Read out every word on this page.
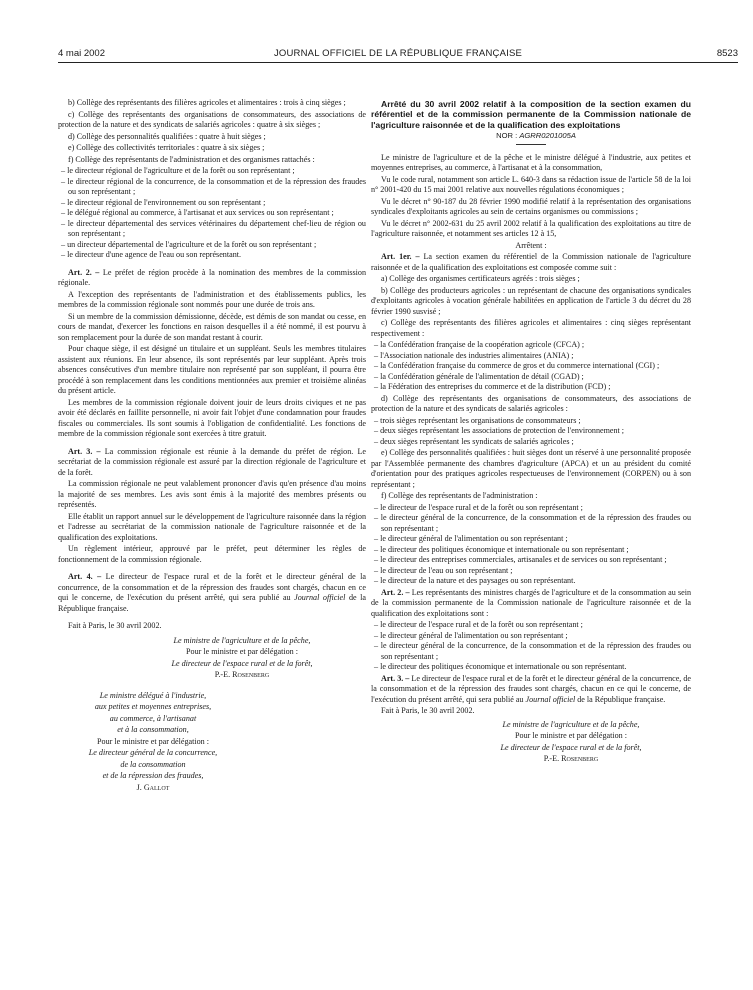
4 mai 2002	JOURNAL OFFICIEL DE LA RÉPUBLIQUE FRANÇAISE	8523

b) Collège des représentants des filières agricoles et alimentaires : trois à cinq sièges ;

c) Collège des représentants des organisations de consommateurs, des associations de protection de la nature et des syndicats de salariés agricoles : quatre à six sièges ;

d) Collège des personnalités qualifiées : quatre à huit sièges ;

e) Collège des collectivités territoriales : quatre à six sièges ;

f) Collège des représentants de l'administration et des organismes rattachés :

– le directeur régional de l'agriculture et de la forêt ou son représentant ;
– le directeur régional de la concurrence, de la consommation et de la répression des fraudes ou son représentant ;
– le directeur régional de l'environnement ou son représentant ;
– le délégué régional au commerce, à l'artisanat et aux services ou son représentant ;
– le directeur départemental des services vétérinaires du département chef-lieu de région ou son représentant ;
– un directeur départemental de l'agriculture et de la forêt ou son représentant ;
– le directeur d'une agence de l'eau ou son représentant.

Art. 2. – Le préfet de région procède à la nomination des membres de la commission régionale.

A l'exception des représentants de l'administration et des établissements publics, les membres de la commission régionale sont nommés pour une durée de trois ans.

Si un membre de la commission démissionne, décède, est démis de son mandat ou cesse, en cours de mandat, d'exercer les fonctions en raison desquelles il a été nommé, il est pourvu à son remplacement pour la durée de son mandat restant à courir.

Pour chaque siège, il est désigné un titulaire et un suppléant. Seuls les membres titulaires assistent aux réunions. En leur absence, ils sont représentés par leur suppléant. Après trois absences consécutives d'un membre titulaire non représenté par son suppléant, il pourra être procédé à son remplacement dans les conditions mentionnées aux premier et troisième alinéas du présent article.

Les membres de la commission régionale doivent jouir de leurs droits civiques et ne pas avoir été déclarés en faillite personnelle, ni avoir fait l'objet d'une condamnation pour fraudes fiscales ou commerciales. Ils sont soumis à l'obligation de confidentialité. Les fonctions de membre de la commission régionale sont exercées à titre gratuit.

Art. 3. – La commission régionale est réunie à la demande du préfet de région. Le secrétariat de la commission régionale est assuré par la direction régionale de l'agriculture et de la forêt.

La commission régionale ne peut valablement prononcer d'avis qu'en présence d'au moins la majorité de ses membres. Les avis sont émis à la majorité des membres présents ou représentés.

Elle établit un rapport annuel sur le développement de l'agriculture raisonnée dans la région et l'adresse au secrétariat de la commission nationale de l'agriculture raisonnée et de la qualification des exploitations.

Un règlement intérieur, approuvé par le préfet, peut déterminer les règles de fonctionnement de la commission régionale.

Art. 4. – Le directeur de l'espace rural et de la forêt et le directeur général de la concurrence, de la consommation et de la répression des fraudes sont chargés, chacun en ce qui le concerne, de l'exécution du présent arrêté, qui sera publié au Journal officiel de la République française.

Fait à Paris, le 30 avril 2002.

Le ministre de l'agriculture et de la pêche,

Pour le ministre et par délégation :

Le directeur de l'espace rural et de la forêt,

P.-E. Rosenberg

Le ministre délégué à l'industrie,

aux petites et moyennes entreprises,

au commerce, à l'artisanat

et à la consommation,

Pour le ministre et par délégation :

Le directeur général de la concurrence,

de la consommation

et de la répression des fraudes,

J. Gallot

Arrêté du 30 avril 2002 relatif à la composition de la section examen du référentiel et de la commission permanente de la Commission nationale de l'agriculture raisonnée et de la qualification des exploitations

NOR : AGRR0201005A

Le ministre de l'agriculture et de la pêche et le ministre délégué à l'industrie, aux petites et moyennes entreprises, au commerce, à l'artisanat et à la consommation,

Vu le code rural, notamment son article L. 640-3 dans sa rédaction issue de l'article 58 de la loi n° 2001-420 du 15 mai 2001 relative aux nouvelles régulations économiques ;

Vu le décret n° 90-187 du 28 février 1990 modifié relatif à la représentation des organisations syndicales d'exploitants agricoles au sein de certains organismes ou commissions ;

Vu le décret n° 2002-631 du 25 avril 2002 relatif à la qualification des exploitations au titre de l'agriculture raisonnée, et notamment ses articles 12 à 15,

Arrêtent :

Art. 1er. – La section examen du référentiel de la Commission nationale de l'agriculture raisonnée et de la qualification des exploitations est composée comme suit :

a) Collège des organismes certificateurs agréés : trois sièges ;

b) Collège des producteurs agricoles : un représentant de chacune des organisations syndicales d'exploitants agricoles à vocation générale habilitées en application de l'article 3 du décret du 28 février 1990 susvisé ;

c) Collège des représentants des filières agricoles et alimentaires : cinq sièges représentant respectivement :

– la Confédération française de la coopération agricole (CFCA) ;
– l'Association nationale des industries alimentaires (ANIA) ;
– la Confédération française du commerce de gros et du commerce international (CGI) ;
– la Confédération générale de l'alimentation de détail (CGAD) ;
– la Fédération des entreprises du commerce et de la distribution (FCD) ;

d) Collège des représentants des organisations de consommateurs, des associations de protection de la nature et des syndicats de salariés agricoles :

– trois sièges représentant les organisations de consommateurs ;
– deux sièges représentant les associations de protection de l'environnement ;
– deux sièges représentant les syndicats de salariés agricoles ;

e) Collège des personnalités qualifiées : huit sièges dont un réservé à une personnalité proposée par l'Assemblée permanente des chambres d'agriculture (APCA) et un au président du comité d'orientation pour des pratiques agricoles respectueuses de l'environnement (CORPEN) ou à son représentant ;

f) Collège des représentants de l'administration :

– le directeur de l'espace rural et de la forêt ou son représentant ;
– le directeur général de la concurrence, de la consommation et de la répression des fraudes ou son représentant ;
– le directeur général de l'alimentation ou son représentant ;
– le directeur des politiques économique et internationale ou son représentant ;
– le directeur des entreprises commerciales, artisanales et de services ou son représentant ;
– le directeur de l'eau ou son représentant ;
– le directeur de la nature et des paysages ou son représentant.

Art. 2. – Les représentants des ministres chargés de l'agriculture et de la consommation au sein de la commission permanente de la Commission nationale de l'agriculture raisonnée et de la qualification des exploitations sont :

– le directeur de l'espace rural et de la forêt ou son représentant ;
– le directeur général de l'alimentation ou son représentant ;
– le directeur général de la concurrence, de la consommation et de la répression des fraudes ou son représentant ;
– le directeur des politiques économique et internationale ou son représentant.

Art. 3. – Le directeur de l'espace rural et de la forêt et le directeur général de la concurrence, de la consommation et de la répression des fraudes sont chargés, chacun en ce qui le concerne, de l'exécution du présent arrêté, qui sera publié au Journal officiel de la République française.

Fait à Paris, le 30 avril 2002.

Le ministre de l'agriculture et de la pêche,

Pour le ministre et par délégation :

Le directeur de l'espace rural et de la forêt,

P.-E. Rosenberg
